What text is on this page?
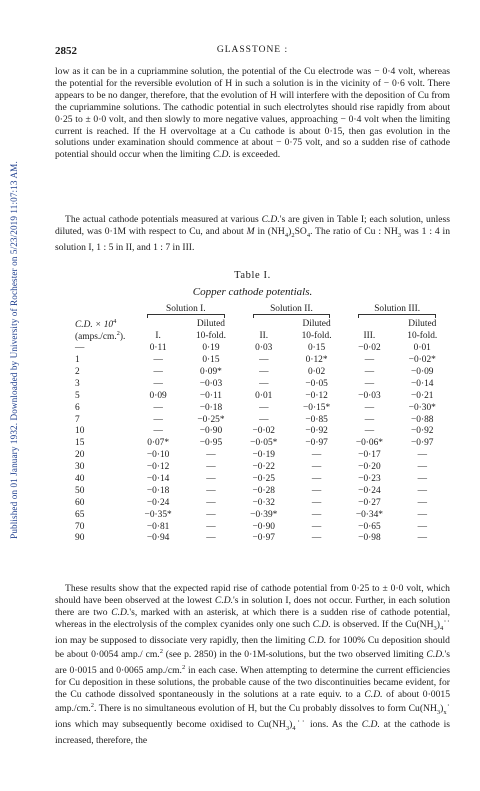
Published on 01 January 1932. Downloaded by University of Rochester on 5/23/2019 11:07:13 AM.
2852	GLASSTONE :

low as it can be in a cupriammine solution, the potential of the Cu electrode was − 0·4 volt, whereas the potential for the reversible evolution of H in such a solution is in the vicinity of − 0·6 volt. There appears to be no danger, therefore, that the evolution of H will interfere with the deposition of Cu from the cupriammine solutions. The cathodic potential in such electrolytes should rise rapidly from about 0·25 to ± 0·0 volt, and then slowly to more negative values, approaching − 0·4 volt when the limiting current is reached. If the H overvoltage at a Cu cathode is about 0·15, then gas evolution in the solutions under examination should commence at about − 0·75 volt, and so a sudden rise of cathode potential should occur when the limiting C.D. is exceeded.

The actual cathode potentials measured at various C.D.'s are given in Table I; each solution, unless diluted, was 0·1M with respect to Cu, and about M in $(NH_4)_2SO_4$. The ratio of Cu : $NH_3$ was 1 : 4 in solution I, 1 : 5 in II, and 1 : 7 in III.

Table I.
Copper cathode potentials.
	Solution I.		Solution II.		Solution III.	

C.D. × $10^4$		Diluted		Diluted		Diluted
(amps./cm.$^2$).	I.	10-fold.	II.	10-fold.	III.	10-fold.
—	0·11	0·19	0·03	0·15	−0·02	0·01
1	—	0·15	—	0·12*	—	−0·02*
2	—	0·09*	—	0·02	—	−0·09
3	—	−0·03	—	−0·05	—	−0·14
5	0·09	−0·11	0·01	−0·12	−0·03	−0·21
6	—	−0·18	—	−0·15*	—	−0·30*
7	—	−0·25*	—	−0·85	—	−0·88
10	—	−0·90	−0·02	−0·92	—	−0·92
15	0·07*	−0·95	−0·05*	−0·97	−0·06*	−0·97
20	−0·10	—	−0·19	—	−0·17	—
30	−0·12	—	−0·22	—	−0·20	—
40	−0·14	—	−0·25	—	−0·23	—
50	−0·18	—	−0·28	—	−0·24	—
60	−0·24	—	−0·32	—	−0·27	—
65	−0·35*	—	−0·39*	—	−0·34*	—
70	−0·81	—	−0·90	—	−0·65	—
90	−0·94	—	−0·97	—	−0·98	—

These results show that the expected rapid rise of cathode potential from 0·25 to ± 0·0 volt, which should have been observed at the lowest C.D.'s in solution I, does not occur. Further, in each solution there are two C.D.'s, marked with an asterisk, at which there is a sudden rise of cathode potential, whereas in the electrolysis of the complex cyanides only one such C.D. is observed. If the $Cu(NH_3)_4˙˙$ ion may be supposed to dissociate very rapidly, then the limiting C.D. for 100% Cu deposition should be about 0·0054 amp./ cm.$^2$ (see p. 2850) in the 0·1M-solutions, but the two observed limiting C.D.'s are 0·0015 and 0·0065 amp./cm.$^2$ in each case. When attempting to determine the current efficiencies for Cu deposition in these solutions, the probable cause of the two discontinuities became evident, for the Cu cathode dissolved spontaneously in the solutions at a rate equiv. to a C.D. of about 0·0015 amp./cm.$^2$. There is no simultaneous evolution of H, but the Cu probably dissolves to form $Cu(NH_3)_x˙$ ions which may subsequently become oxidised to $Cu(NH_3)_4˙˙$ ions. As the C.D. at the cathode is increased, therefore, the
